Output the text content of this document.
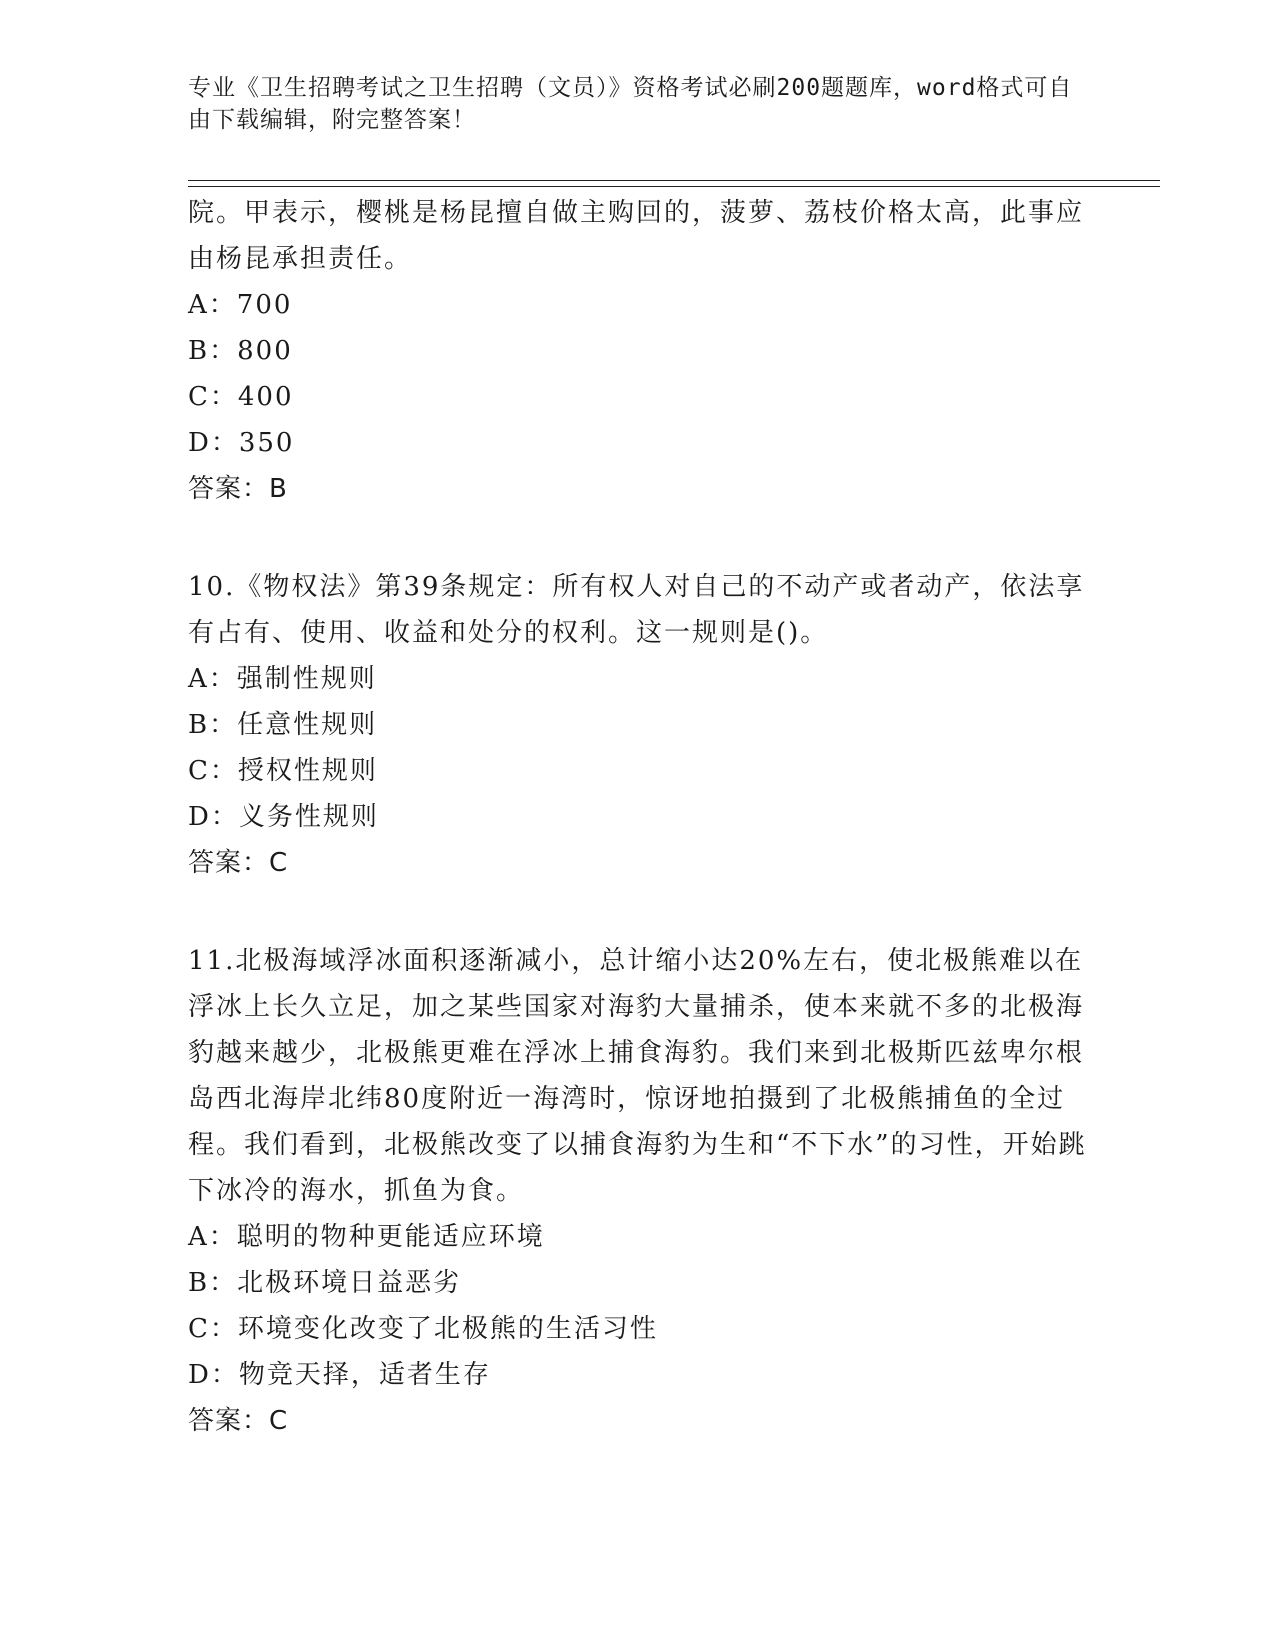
专业《卫生招聘考试之卫生招聘（文员）》资格考试必刷200题题库，word格式可自由下载编辑，附完整答案！

院。甲表示，樱桃是杨昆擅自做主购回的，菠萝、荔枝价格太高，此事应由杨昆承担责任。

A：700

B：800

C：400

D：350

答案：B

10.《物权法》第39条规定：所有权人对自己的不动产或者动产，依法享有占有、使用、收益和处分的权利。这一规则是()。

A：强制性规则

B：任意性规则

C：授权性规则

D：义务性规则

答案：C

11.北极海域浮冰面积逐渐减小，总计缩小达20%左右，使北极熊难以在浮冰上长久立足，加之某些国家对海豹大量捕杀，使本来就不多的北极海豹越来越少，北极熊更难在浮冰上捕食海豹。我们来到北极斯匹兹卑尔根岛西北海岸北纬80度附近一海湾时，惊讶地拍摄到了北极熊捕鱼的全过程。我们看到，北极熊改变了以捕食海豹为生和“不下水”的习性，开始跳下冰冷的海水，抓鱼为食。

A：聪明的物种更能适应环境

B：北极环境日益恶劣

C：环境变化改变了北极熊的生活习性

D：物竞天择，适者生存

答案：C
